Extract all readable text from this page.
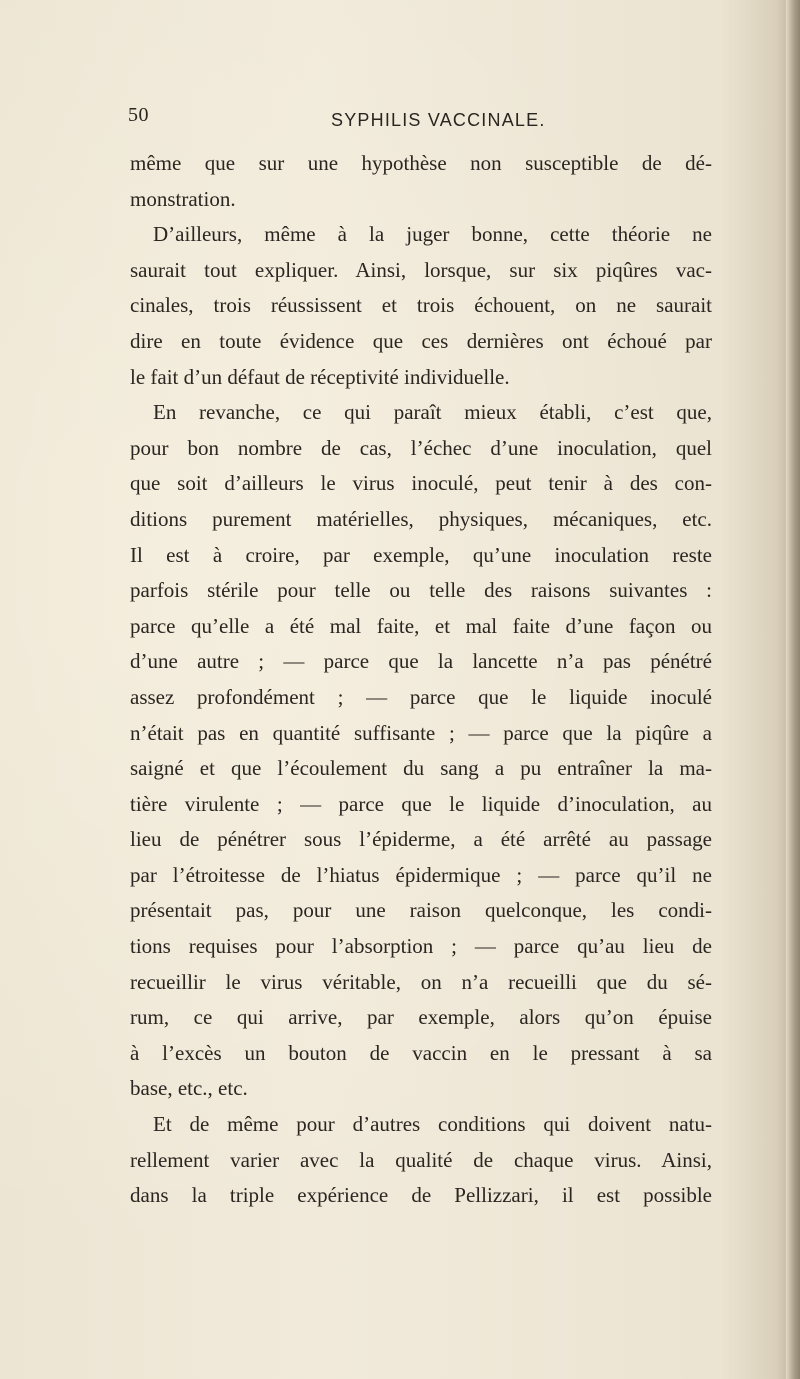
50	SYPHILIS VACCINALE.
même que sur une hypothèse non susceptible de dé-
monstration.
D’ailleurs, même à la juger bonne, cette théorie ne
saurait tout expliquer. Ainsi, lorsque, sur six piqûres vac-
cinales, trois réussissent et trois échouent, on ne saurait
dire en toute évidence que ces dernières ont échoué par
le fait d’un défaut de réceptivité individuelle.
En revanche, ce qui paraît mieux établi, c’est que,
pour bon nombre de cas, l’échec d’une inoculation, quel
que soit d’ailleurs le virus inoculé, peut tenir à des con-
ditions purement matérielles, physiques, mécaniques, etc.
Il est à croire, par exemple, qu’une inoculation reste
parfois stérile pour telle ou telle des raisons suivantes :
parce qu’elle a été mal faite, et mal faite d’une façon ou
d’une autre ; — parce que la lancette n’a pas pénétré
assez profondément ; — parce que le liquide inoculé
n’était pas en quantité suffisante ; — parce que la piqûre a
saigné et que l’écoulement du sang a pu entraîner la ma-
tière virulente ; — parce que le liquide d’inoculation, au
lieu de pénétrer sous l’épiderme, a été arrêté au passage
par l’étroitesse de l’hiatus épidermique ; — parce qu’il ne
présentait pas, pour une raison quelconque, les condi-
tions requises pour l’absorption ; — parce qu’au lieu de
recueillir le virus véritable, on n’a recueilli que du sé-
rum, ce qui arrive, par exemple, alors qu’on épuise
à l’excès un bouton de vaccin en le pressant à sa
base, etc., etc.
Et de même pour d’autres conditions qui doivent natu-
rellement varier avec la qualité de chaque virus. Ainsi,
dans la triple expérience de Pellizzari, il est possible
